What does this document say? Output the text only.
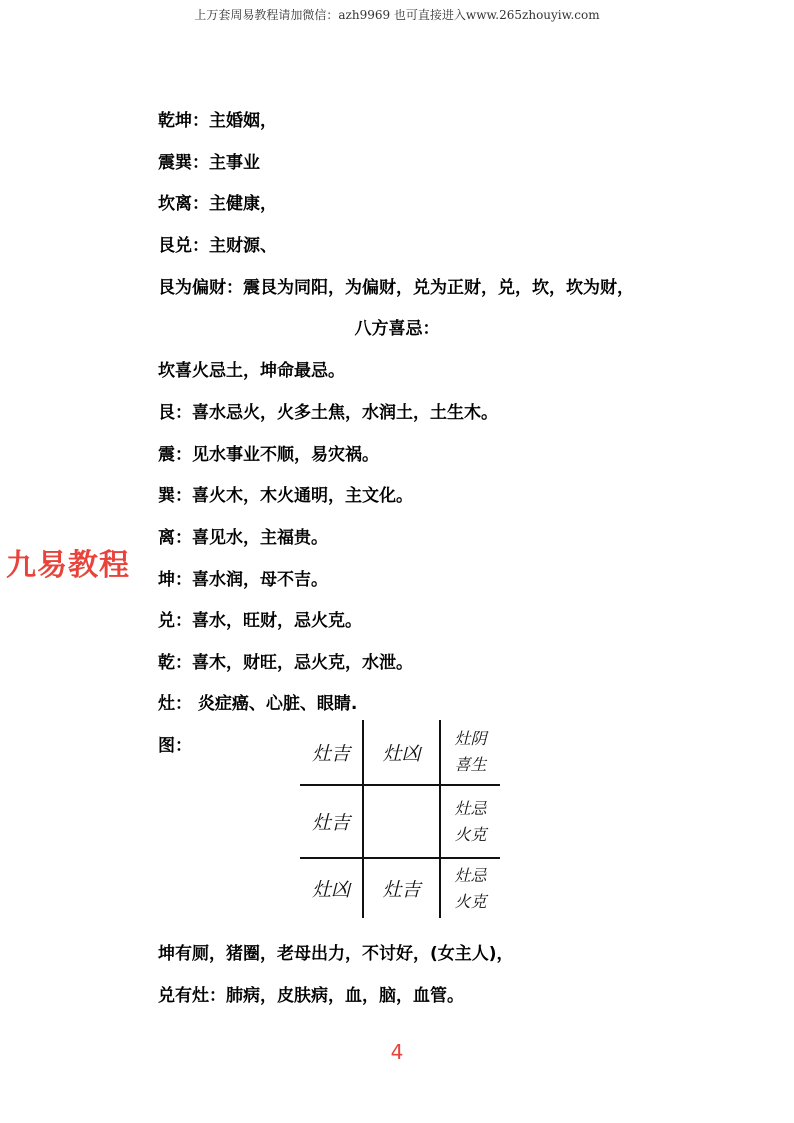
上万套周易教程请加微信：azh9969 也可直接进入www.265zhouyiw.com
乾坤：主婚姻，
震巽：主事业
坎离：主健康，
艮兑：主财源、
艮为偏财：震艮为同阳，为偏财，兑为正财，兑，坎，坎为财，
八方喜忌：
坎喜火忌土，坤命最忌。
艮：喜水忌火，火多土焦，水润土，土生木。
震：见水事业不顺，易灾祸。
巽：喜火木，木火通明，主文化。
离：喜见水，主福贵。
坤：喜水润，母不吉。
兑：喜水，旺财，忌火克。
乾：喜木，财旺，忌火克，水泄。
灶： 炎症癌、心脏、眼睛.
九易教程
图：	灶吉 灶凶
灶阴
喜生
灶吉
灶忌
火克
灶凶 灶吉
灶忌
火克
坤有厕，猪圈，老母出力，不讨好，(女主人)，
兑有灶：肺病，皮肤病，血，脑，血管。
4
